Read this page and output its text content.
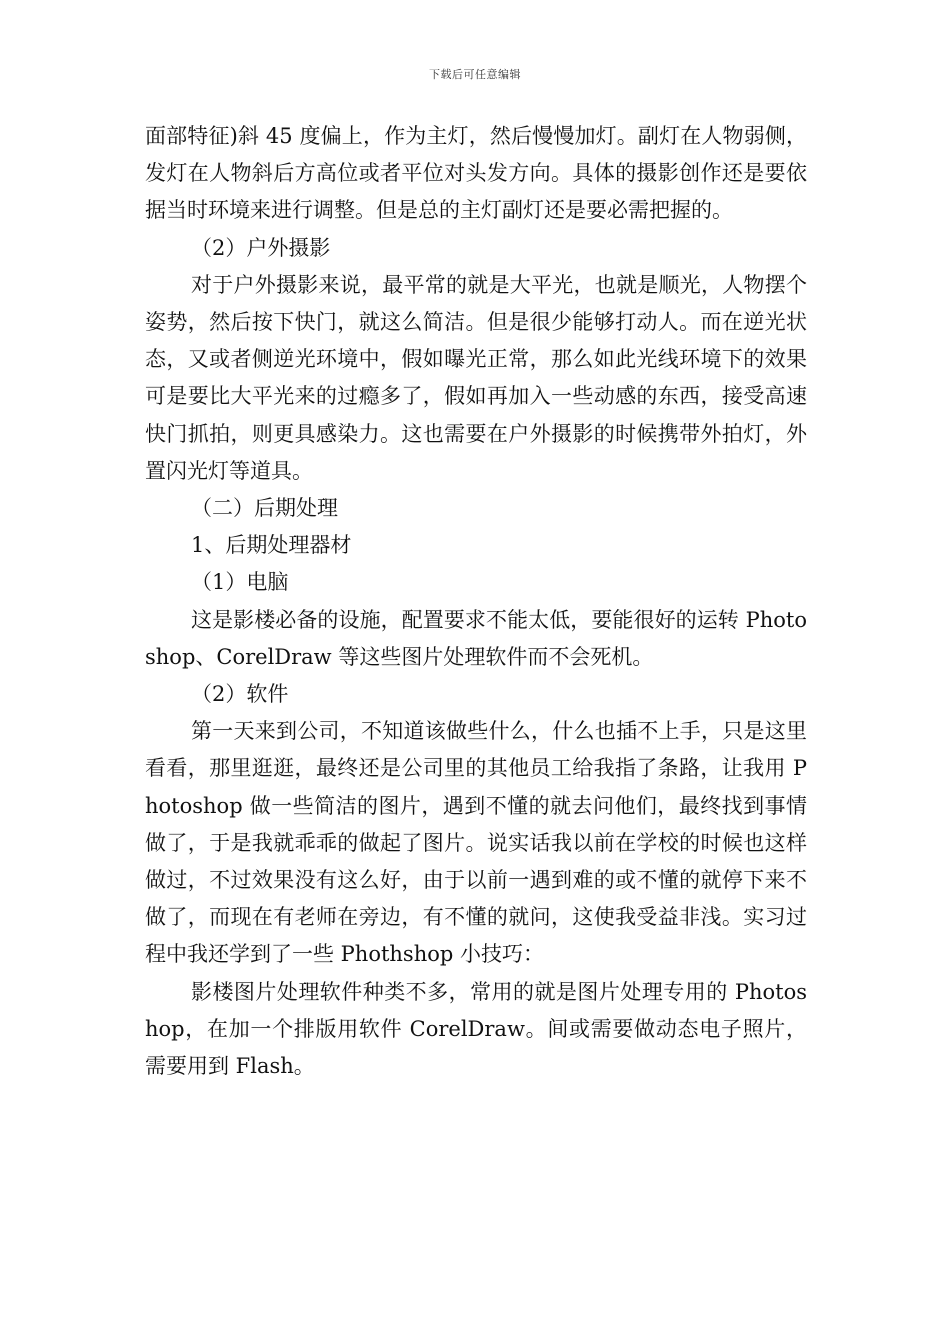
下载后可任意编辑

面部特征)斜 45 度偏上，作为主灯，然后慢慢加灯。副灯在人物弱侧，发灯在人物斜后方高位或者平位对头发方向。具体的摄影创作还是要依据当时环境来进行调整。但是总的主灯副灯还是要必需把握的。

（2）户外摄影

对于户外摄影来说，最平常的就是大平光，也就是顺光，人物摆个姿势，然后按下快门，就这么简洁。但是很少能够打动人。而在逆光状态，又或者侧逆光环境中，假如曝光正常，那么如此光线环境下的效果可是要比大平光来的过瘾多了，假如再加入一些动感的东西，接受高速快门抓拍，则更具感染力。这也需要在户外摄影的时候携带外拍灯，外置闪光灯等道具。

（二）后期处理

1、后期处理器材

（1）电脑

这是影楼必备的设施，配置要求不能太低，要能很好的运转 Photoshop、CorelDraw 等这些图片处理软件而不会死机。

（2）软件

第一天来到公司，不知道该做些什么，什么也插不上手，只是这里看看，那里逛逛，最终还是公司里的其他员工给我指了条路，让我用 Photoshop 做一些简洁的图片，遇到不懂的就去问他们，最终找到事情做了，于是我就乖乖的做起了图片。说实话我以前在学校的时候也这样做过，不过效果没有这么好，由于以前一遇到难的或不懂的就停下来不做了，而现在有老师在旁边，有不懂的就问，这使我受益非浅。实习过程中我还学到了一些 Phothshop 小技巧：

影楼图片处理软件种类不多，常用的就是图片处理专用的 Photoshop，在加一个排版用软件 CorelDraw。间或需要做动态电子照片，需要用到 Flash。
